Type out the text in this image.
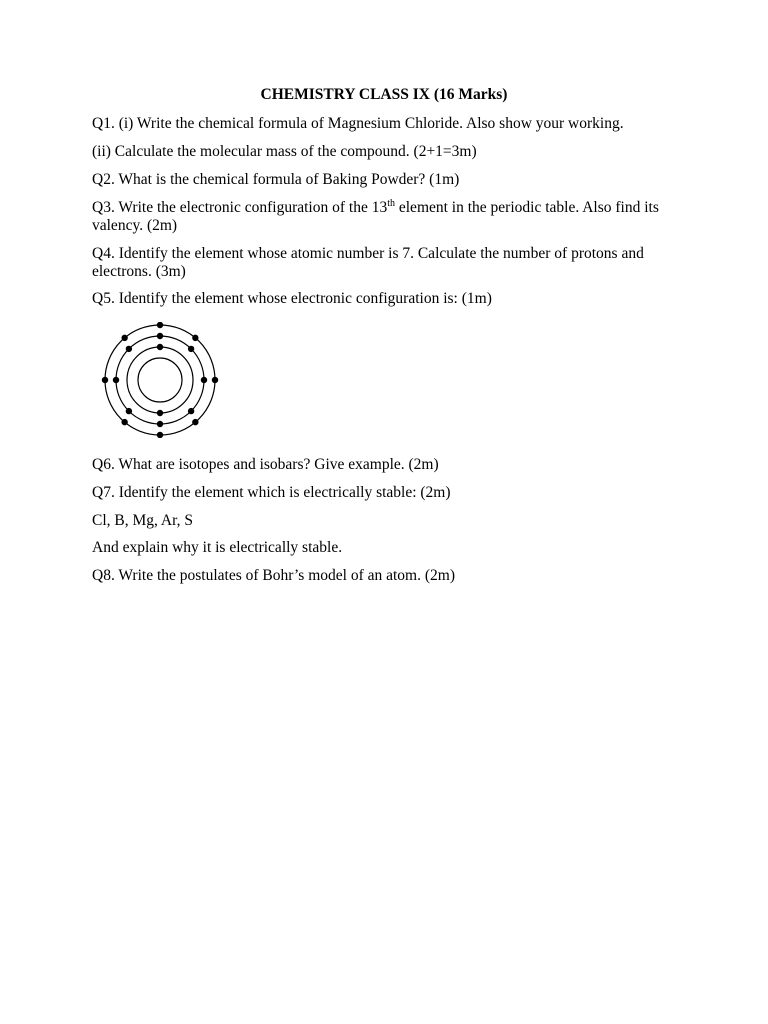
CHEMISTRY CLASS IX (16 Marks)
Q1. (i) Write the chemical formula of Magnesium Chloride. Also show your working.
(ii) Calculate the molecular mass of the compound. (2+1=3m)
Q2. What is the chemical formula of Baking Powder? (1m)
Q3. Write the electronic configuration of the 13th element in the periodic table. Also find its valency. (2m)
Q4. Identify the element whose atomic number is 7. Calculate the number of protons and electrons. (3m)
Q5. Identify the element whose electronic configuration is: (1m)
Q6. What are isotopes and isobars? Give example. (2m)
Q7. Identify the element which is electrically stable: (2m)
Cl, B, Mg, Ar, S
And explain why it is electrically stable.
Q8. Write the postulates of Bohr’s model of an atom. (2m)
